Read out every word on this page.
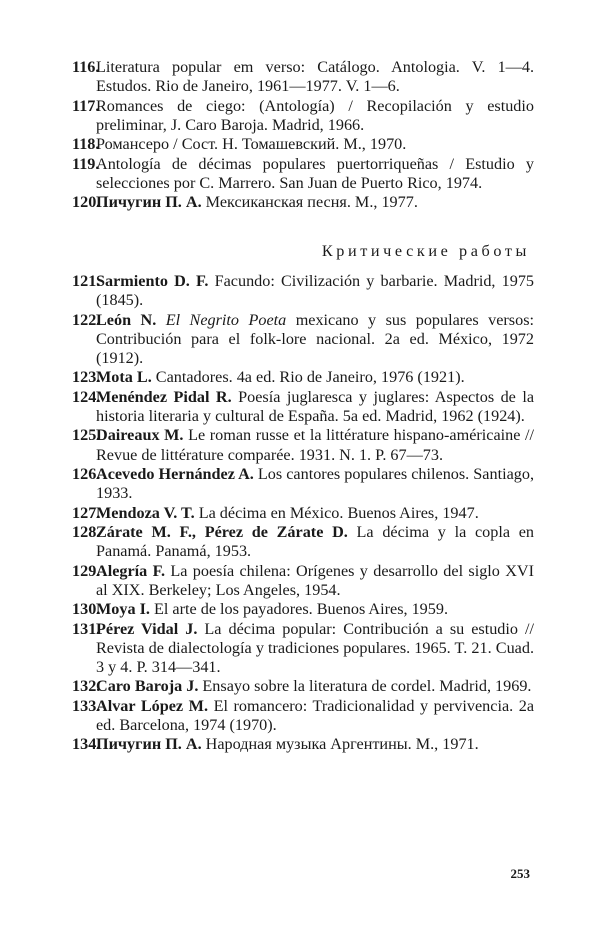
116 . Literatura popular em verso: Catálogo. Antologia. V. 1—4. Estudos. Rio de Janeiro, 1961—1977. V. 1—6.
117 . Romances de ciego: (Antología) / Recopilación y estudio preliminar, J. Caro Baroja. Madrid, 1966.
118 . Романсеро / Сост. Н. Томашевский. М., 1970.
119 . Antología de décimas populares puertorriqueñas / Estudio y selecciones por C. Marrero. San Juan de Puerto Rico, 1974.
120 . Пичугин П. А. Мексиканская песня. М., 1977.
Критические работы
121 . Sarmiento D. F. Facundo: Civilización y barbarie. Madrid, 1975 (1845).
122 . León N. El Negrito Poeta mexicano y sus populares versos: Contribución para el folk-lore nacional. 2a ed. México, 1972 (1912).
123 . Mota L. Cantadores. 4a ed. Rio de Janeiro, 1976 (1921).
124 . Menéndez Pidal R. Poesía juglaresca y juglares: Aspectos de la historia literaria y cultural de España. 5a ed. Madrid, 1962 (1924).
125 . Daireaux M. Le roman russe et la littérature hispano-américaine // Revue de littérature comparée. 1931. N. 1. P. 67—73.
126 . Acevedo Hernández A. Los cantores populares chilenos. Santiago, 1933.
127 . Mendoza V. T. La décima en México. Buenos Aires, 1947.
128 . Zárate M. F., Pérez de Zárate D. La décima y la copla en Panamá. Panamá, 1953.
129 . Alegría F. La poesía chilena: Orígenes y desarrollo del siglo XVI al XIX. Berkeley; Los Angeles, 1954.
130 . Moya I. El arte de los payadores. Buenos Aires, 1959.
131 . Pérez Vidal J. La décima popular: Contribución a su estudio // Revista de dialectología y tradiciones populares. 1965. T. 21. Cuad. 3 y 4. P. 314—341.
132 . Caro Baroja J. Ensayo sobre la literatura de cordel. Madrid, 1969.
133 . Alvar López M. El romancero: Tradicionalidad y pervivencia. 2a ed. Barcelona, 1974 (1970).
134 . Пичугин П. А. Народная музыка Аргентины. М., 1971.
253
